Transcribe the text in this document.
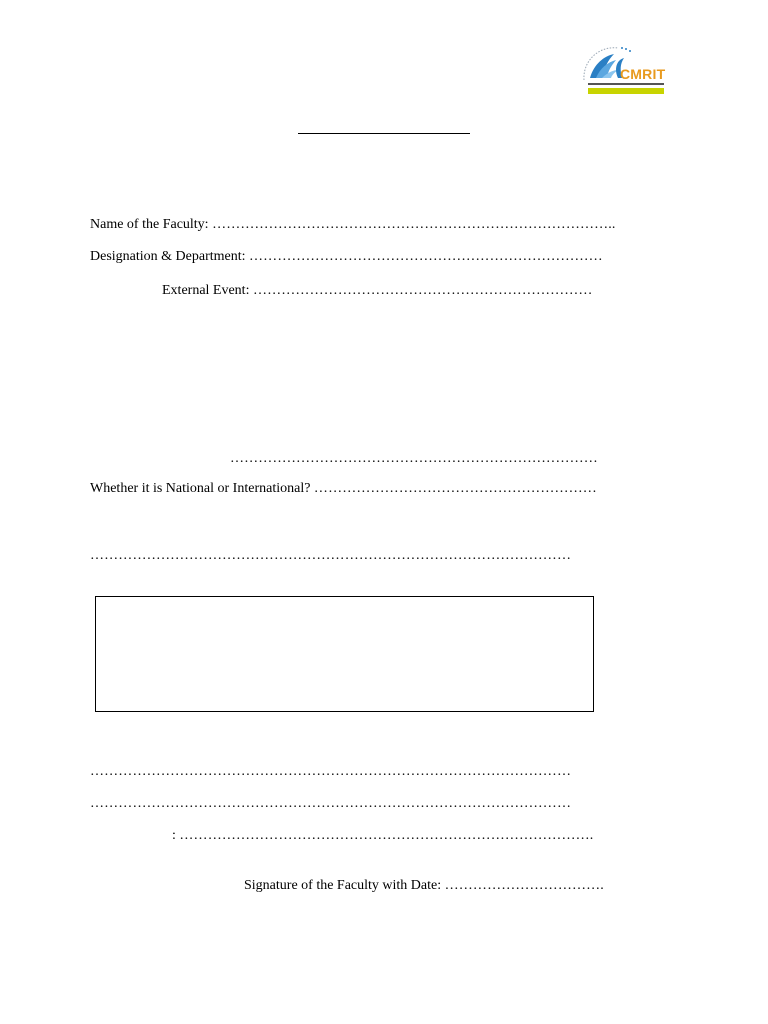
CMRIT
Name of the Faculty: …………………………………………………………………………..
Designation & Department: …………………………………………………………………
External Event: ………………………………………………………………
……………………………………………………………………
Whether it is National or International? ……………………………………………………
…………………………………………………………………………………………
…………………………………………………………………………………………
…………………………………………………………………………………………
: …………………………………………………………………………….
Signature of the Faculty with Date: …………………………….
